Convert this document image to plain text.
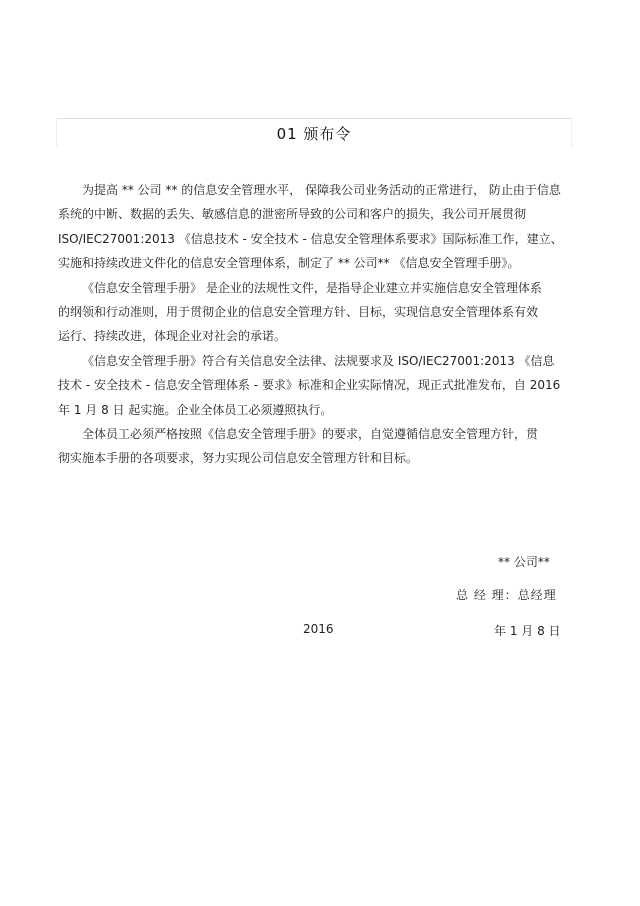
01 颁布令

为提高 ** 公司 ** 的信息安全管理水平， 保障我公司业务活动的正常进行， 防止由于信息
系统的中断、数据的丢失、敏感信息的泄密所导致的公司和客户的损失，我公司开展贯彻
ISO/IEC27001:2013 《信息技术 - 安全技术 - 信息安全管理体系要求》国际标准工作，建立、
实施和持续改进文件化的信息安全管理体系，制定了 ** 公司** 《信息安全管理手册》。

《信息安全管理手册》 是企业的法规性文件，是指导企业建立并实施信息安全管理体系
的纲领和行动准则，用于贯彻企业的信息安全管理方针、目标，实现信息安全管理体系有效
运行、持续改进，体现企业对社会的承诺。

《信息安全管理手册》符合有关信息安全法律、法规要求及 ISO/IEC27001:2013 《信息
技术 - 安全技术 - 信息安全管理体系 - 要求》标准和企业实际情况，现正式批准发布，自 2016
年 1 月 8 日 起实施。企业全体员工必须遵照执行。

全体员工必须严格按照《信息安全管理手册》的要求，自觉遵循信息安全管理方针，贯
彻实施本手册的各项要求，努力实现公司信息安全管理方针和目标。

** 公司**
总 经 理：总经理
2016	年 1 月 8 日
